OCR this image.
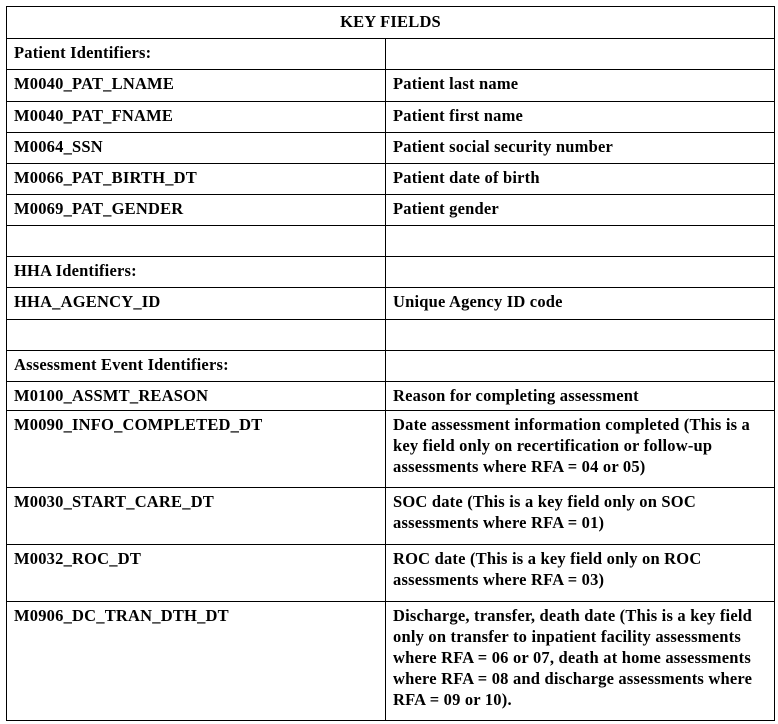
KEY FIELDS	
Patient Identifiers:	
M0040_PAT_LNAME	Patient last name
M0040_PAT_FNAME	Patient first name
M0064_SSN	Patient social security number
M0066_PAT_BIRTH_DT	Patient date of birth
M0069_PAT_GENDER	Patient gender

HHA Identifiers:	
HHA_AGENCY_ID	Unique Agency ID code

Assessment Event Identifiers:	
M0100_ASSMT_REASON	Reason for completing assessment
M0090_INFO_COMPLETED_DT	Date assessment information completed (This is a key field only on recertification or follow-up assessments where RFA = 04 or 05)
M0030_START_CARE_DT	SOC date (This is a key field only on SOC assessments where RFA = 01)
M0032_ROC_DT	ROC date (This is a key field only on ROC assessments where RFA = 03)
M0906_DC_TRAN_DTH_DT	Discharge, transfer, death date (This is a key field only on transfer to inpatient facility assessments where RFA = 06 or 07, death at home assessments where RFA = 08 and discharge assessments where RFA = 09 or 10).
